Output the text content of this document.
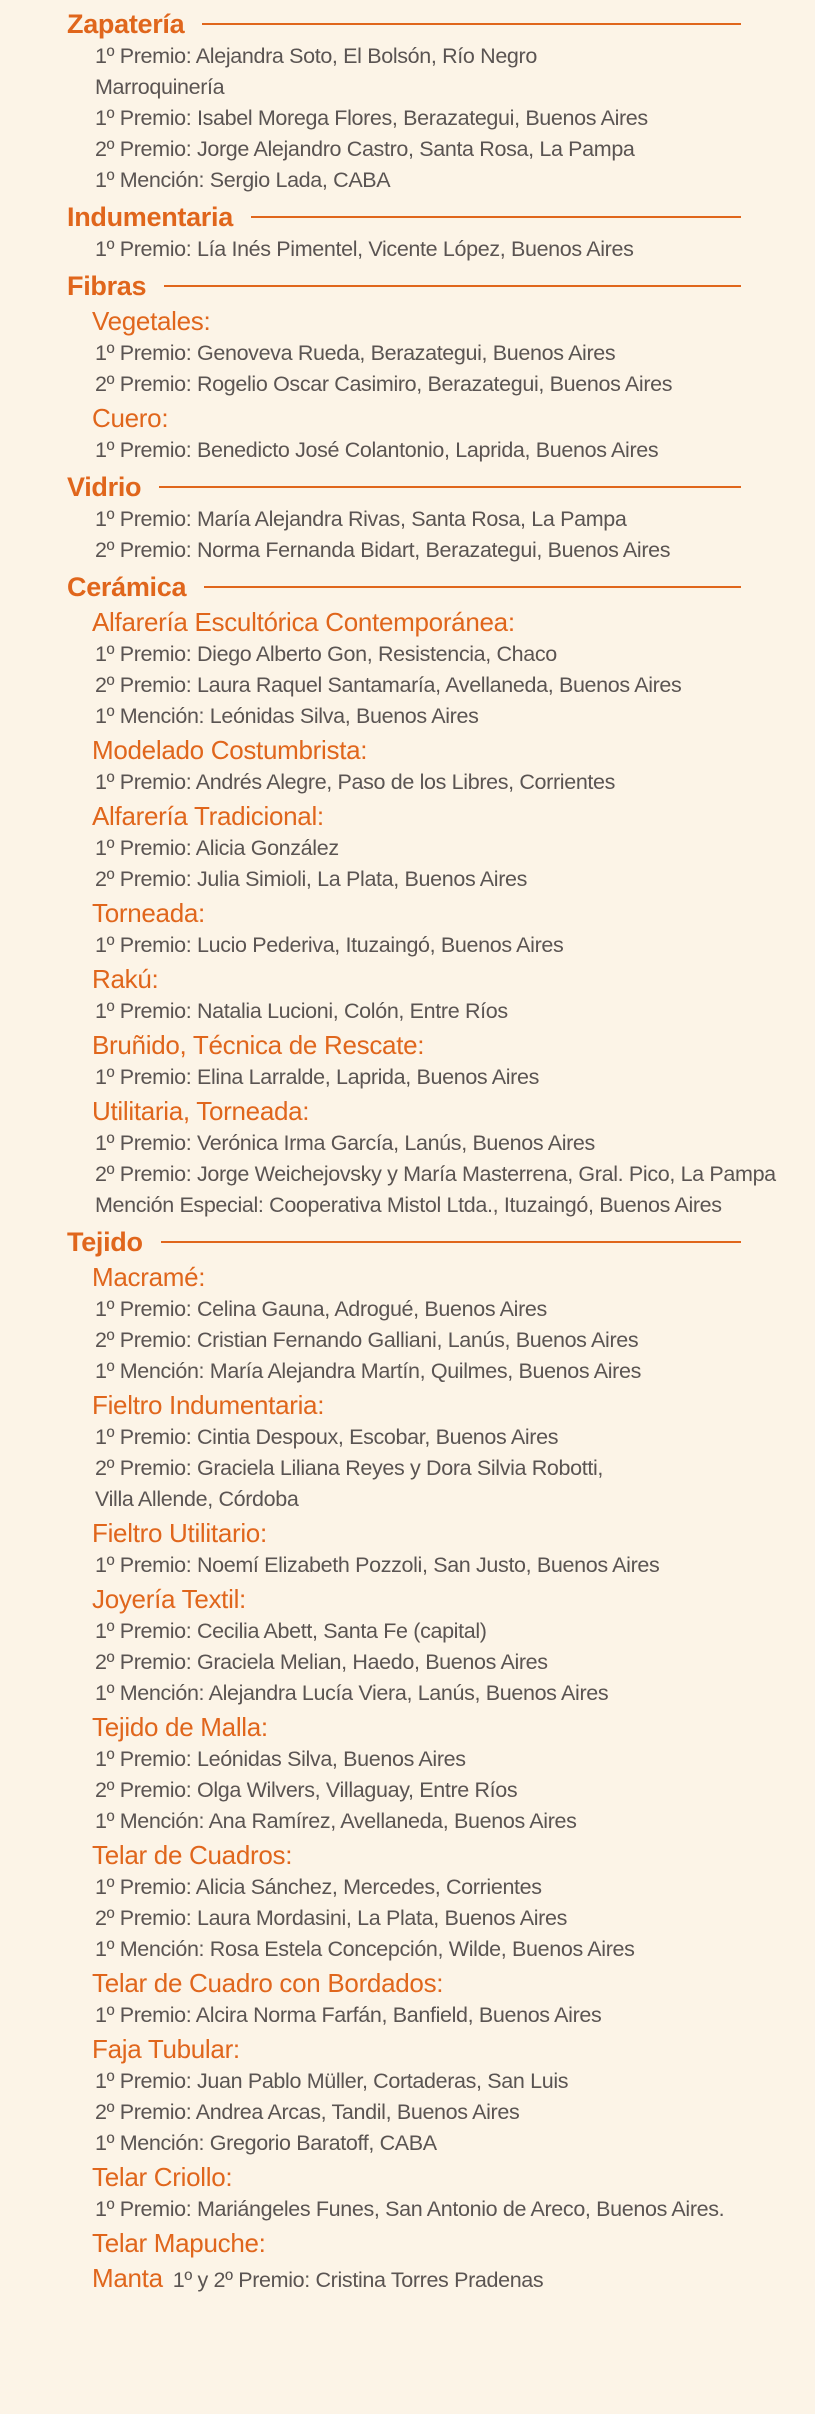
Zapatería
1º Premio: Alejandra Soto, El Bolsón, Río Negro
Marroquinería
1º Premio: Isabel Morega Flores, Berazategui, Buenos Aires
2º Premio: Jorge Alejandro Castro, Santa Rosa, La Pampa
1º Mención: Sergio Lada, CABA
Indumentaria
1º Premio: Lía Inés Pimentel, Vicente López, Buenos Aires
Fibras
Vegetales:
1º Premio: Genoveva Rueda, Berazategui, Buenos Aires
2º Premio: Rogelio Oscar Casimiro, Berazategui, Buenos Aires
Cuero:
1º Premio: Benedicto José Colantonio, Laprida, Buenos Aires
Vidrio
1º Premio: María Alejandra Rivas, Santa Rosa, La Pampa
2º Premio: Norma Fernanda Bidart, Berazategui, Buenos Aires
Cerámica
Alfarería Escultórica Contemporánea:
1º Premio: Diego Alberto Gon, Resistencia, Chaco
2º Premio: Laura Raquel Santamaría, Avellaneda, Buenos Aires
1º Mención: Leónidas Silva, Buenos Aires
Modelado Costumbrista:
1º Premio: Andrés Alegre, Paso de los Libres, Corrientes
Alfarería Tradicional:
1º Premio: Alicia González
2º Premio: Julia Simioli, La Plata, Buenos Aires
Torneada:
1º Premio: Lucio Pederiva, Ituzaingó, Buenos Aires
Rakú:
1º Premio: Natalia Lucioni, Colón, Entre Ríos
Bruñido, Técnica de Rescate:
1º Premio: Elina Larralde, Laprida, Buenos Aires
Utilitaria, Torneada:
1º Premio: Verónica Irma García, Lanús, Buenos Aires
2º Premio: Jorge Weichejovsky y María Masterrena, Gral. Pico, La Pampa
Mención Especial: Cooperativa Mistol Ltda., Ituzaingó, Buenos Aires
Tejido
Macramé:
1º Premio: Celina Gauna, Adrogué, Buenos Aires
2º Premio: Cristian Fernando Galliani, Lanús, Buenos Aires
1º Mención: María Alejandra Martín, Quilmes, Buenos Aires
Fieltro Indumentaria:
1º Premio: Cintia Despoux, Escobar, Buenos Aires
2º Premio: Graciela Liliana Reyes y Dora Silvia Robotti,
Villa Allende, Córdoba
Fieltro Utilitario:
1º Premio: Noemí Elizabeth Pozzoli, San Justo, Buenos Aires
Joyería Textil:
1º Premio: Cecilia Abett, Santa Fe (capital)
2º Premio: Graciela Melian, Haedo, Buenos Aires
1º Mención: Alejandra Lucía Viera, Lanús, Buenos Aires
Tejido de Malla:
1º Premio: Leónidas Silva, Buenos Aires
2º Premio: Olga Wilvers, Villaguay, Entre Ríos
1º Mención: Ana Ramírez, Avellaneda, Buenos Aires
Telar de Cuadros:
1º Premio: Alicia Sánchez, Mercedes, Corrientes
2º Premio: Laura Mordasini, La Plata, Buenos Aires
1º Mención: Rosa Estela Concepción, Wilde, Buenos Aires
Telar de Cuadro con Bordados:
1º Premio: Alcira Norma Farfán, Banfield, Buenos Aires
Faja Tubular:
1º Premio: Juan Pablo Müller, Cortaderas, San Luis
2º Premio: Andrea Arcas, Tandil, Buenos Aires
1º Mención: Gregorio Baratoff, CABA
Telar Criollo:
1º Premio: Mariángeles Funes, San Antonio de Areco, Buenos Aires.
Telar Mapuche:
Manta 1º y 2º Premio: Cristina Torres Pradenas
